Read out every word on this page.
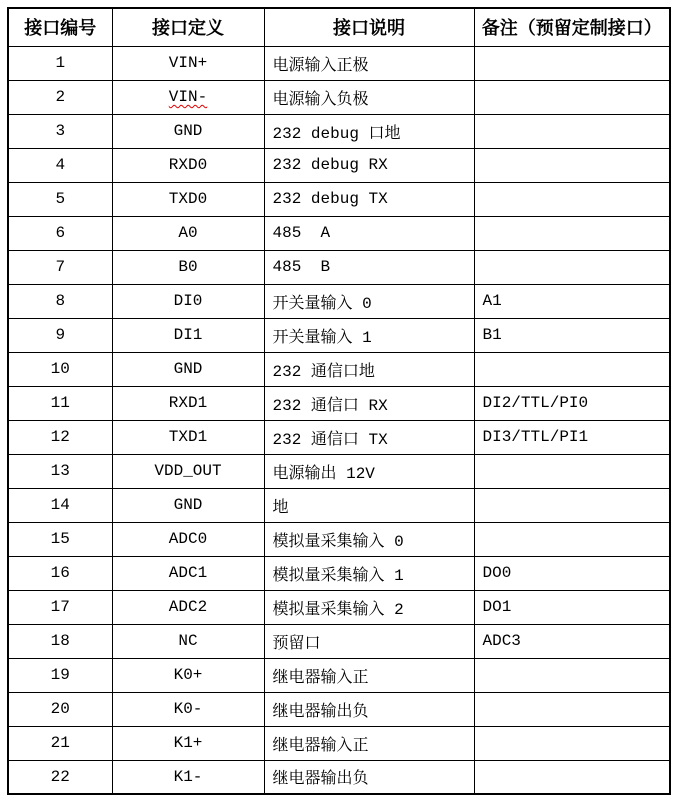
接口编号	接口定义	接口说明	备注（预留定制接口）
1	VIN+	电源输入正极	
2	VIN-	电源输入负极	
3	GND	232 debug 口地	
4	RXD0	232 debug RX	
5	TXD0	232 debug TX	
6	A0	485  A	
7	B0	485  B	
8	DI0	开关量输入 0	A1
9	DI1	开关量输入 1	B1
10	GND	232 通信口地	
11	RXD1	232 通信口 RX	DI2/TTL/PI0
12	TXD1	232 通信口 TX	DI3/TTL/PI1
13	VDD_OUT	电源输出 12V	
14	GND	地	
15	ADC0	模拟量采集输入 0	
16	ADC1	模拟量采集输入 1	DO0
17	ADC2	模拟量采集输入 2	DO1
18	NC	预留口	ADC3
19	K0+	继电器输入正	
20	K0-	继电器输出负	
21	K1+	继电器输入正	
22	K1-	继电器输出负	
